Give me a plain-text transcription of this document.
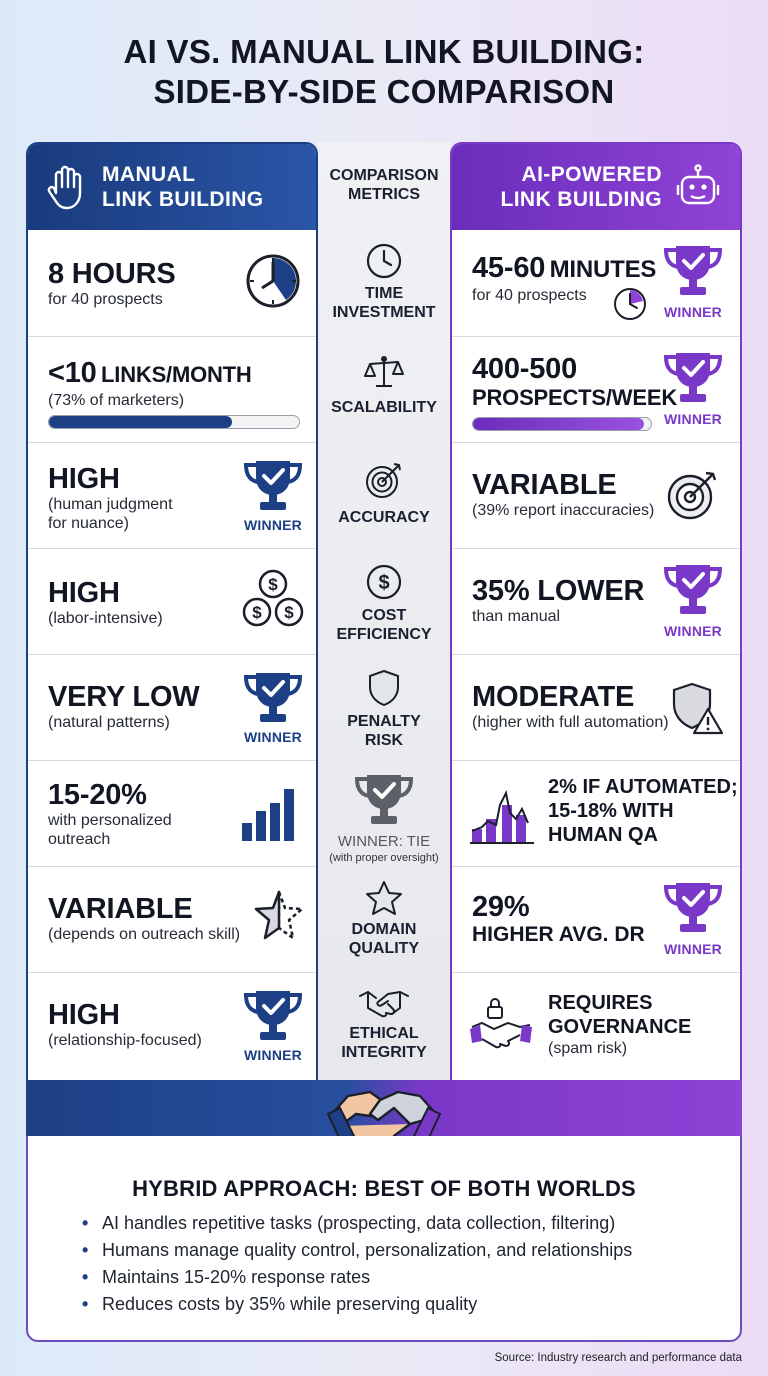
AI VS. MANUAL LINK BUILDING:
SIDE-BY-SIDE COMPARISON
MANUAL
LINK BUILDING
8 HOURS
for 40 prospects
<10 LINKS/MONTH
(73% of marketers)
HIGH
(human judgment
for nuance)	WINNER
HIGH
(labor-intensive)
$
$ $
VERY LOW
(natural patterns)
WINNER
15-20%
with personalized
outreach
VARIABLE
(depends on outreach skill)
HIGH
(relationship-focused)
WINNER
COMPARISON
METRICS
TIME
INVESTMENT
SCALABILITY
ACCURACY
$
COST
EFFICIENCY
PENALTY
RISK
WINNER: TIE
(with proper oversight)
DOMAIN
QUALITY
ETHICAL
INTEGRITY
AI-POWERED
LINK BUILDING
45-60 MINUTES
for 40 prospects
WINNER
400-500
PROSPECTS/WEEK
WINNER
VARIABLE
(39% report inaccuracies)
35% LOWER
than manual
WINNER
MODERATE
(higher with full automation)
2% IF AUTOMATED;
15-18% WITH
HUMAN QA
29%
HIGHER AVG. DR
WINNER
REQUIRES
GOVERNANCE
(spam risk)
HYBRID APPROACH: BEST OF BOTH WORLDS
• AI handles repetitive tasks (prospecting, data collection, filtering)
• Humans manage quality control, personalization, and relationships
• Maintains 15-20% response rates
• Reduces costs by 35% while preserving quality
Source: Industry research and performance data
